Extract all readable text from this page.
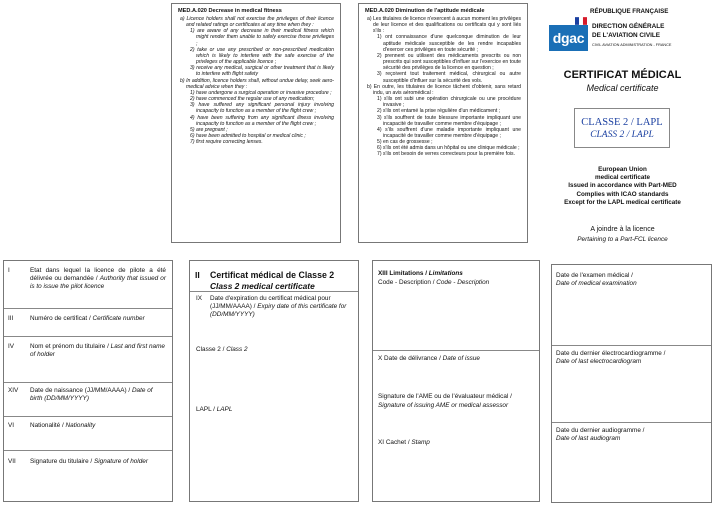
MED.A.020 Decrease in medical fitness
a) Licence holders shall not exercise the privileges of their licence and related ratings or certificates at any time when they :
1) are aware of any decrease in their medical fitness which might render them unable to safely exercise those privileges ;
2) take or use any prescribed or non-prescribed medication which is likely to interfere with the safe exercise of the privileges of the applicable licence ;
3) receive any medical, surgical or other treatment that is likely to interfere with flight safety
b) In addition, licence holders shall, without undue delay, seek aero-medical advice when they :
1) have undergone a surgical operation or invasive procedure ;
2) have commenced the regular use of any medication;
3) have suffered any significant personal injury involving incapacity to function as a member of the flight crew ;
4) have been suffering from any significant illness involving incapacity to function as a member of the flight crew ;
5) are pregnant ;
6) have been admitted to hospital or medical clinic ;
7) first require correcting lenses.
MED.A.020 Diminution de l'aptitude médicale
a) Les titulaires de licence n'exercent à aucun moment les privilèges de leur licence et des qualifications ou certificats qui y sont liés s'ils :
1) ont connaissance d'une quelconque diminution de leur aptitude médicale susceptible de les rendre incapables d'exercer ces privilèges en toute sécurité ;
2) prennent ou utilisent des médicaments prescrits ou non prescrits qui sont susceptibles d'influer sur l'exercice en toute sécurité des privilèges de la licence en question ;
3) reçoivent tout traitement médical, chirurgical ou autre susceptible d'influer sur la sécurité des vols.
b) En outre, les titulaires de licence tâchent d'obtenir, sans retard indu, un avis aéromédical :
1) s'ils ont subi une opération chirurgicale ou une procédure invasive ;
2) s'ils ont entamé la prise régulière d'un médicament ;
3) s'ils souffrent de toute blessure importante impliquant une incapacité de travailler comme membre d'équipage ;
4) s'ils souffrent d'une maladie importante impliquant une incapacité de travailler comme membre d'équipage ;
5) en cas de grossesse ;
6) s'ils ont été admis dans un hôpital ou une clinique médicale ;
7) s'ils ont besoin de verres correcteurs pour la première fois.
RÉPUBLIQUE FRANÇAISE
dgac
DIRECTION GÉNÉRALE
DE L'AVIATION CIVILE
CIVIL AVIATION ADMINISTRATION - FRANCE
CERTIFICAT MÉDICAL
Medical certificate
CLASSE 2 / LAPL
CLASS 2 / LAPL
European Union
medical certificate
Issued in accordance with Part-MED
Complies with ICAO standards
Except for the LAPL medical certificate
A joindre à la licence
Pertaining to a Part-FCL licence
I	Etat dans lequel la licence de pilote a été délivrée ou demandée / Authority that issued or is to issue the pilot licence
III	Numéro de certificat / Certificate number
IV Nom et prénom du titulaire / Last and first name of holder
XIV Date de naissance (JJ/MM/AAAA) / Date of birth (DD/MM/YYYY)
VI Nationalité / Nationality
VII Signature du titulaire / Signature of holder
II Certificat médical de Classe 2
Class 2 medical certificate
IX Date d'expiration du certificat médical pour (JJ/MM/AAAA) / Expiry date of this certificate for (DD/MM/YYYY)
Classe 2 / Class 2
LAPL / LAPL
XIII Limitations / Limitations
Code - Description / Code - Description
X Date de délivrance / Date of issue
Signature de l'AME ou de l'évaluateur médical / Signature of issuing AME or medical assessor
XI Cachet / Stamp
Date de l'examen médical /
Date of medical examination
Date du dernier électrocardiogramme /
Date of last electrocardiogram
Date du dernier audiogramme /
Date of last audiogram
